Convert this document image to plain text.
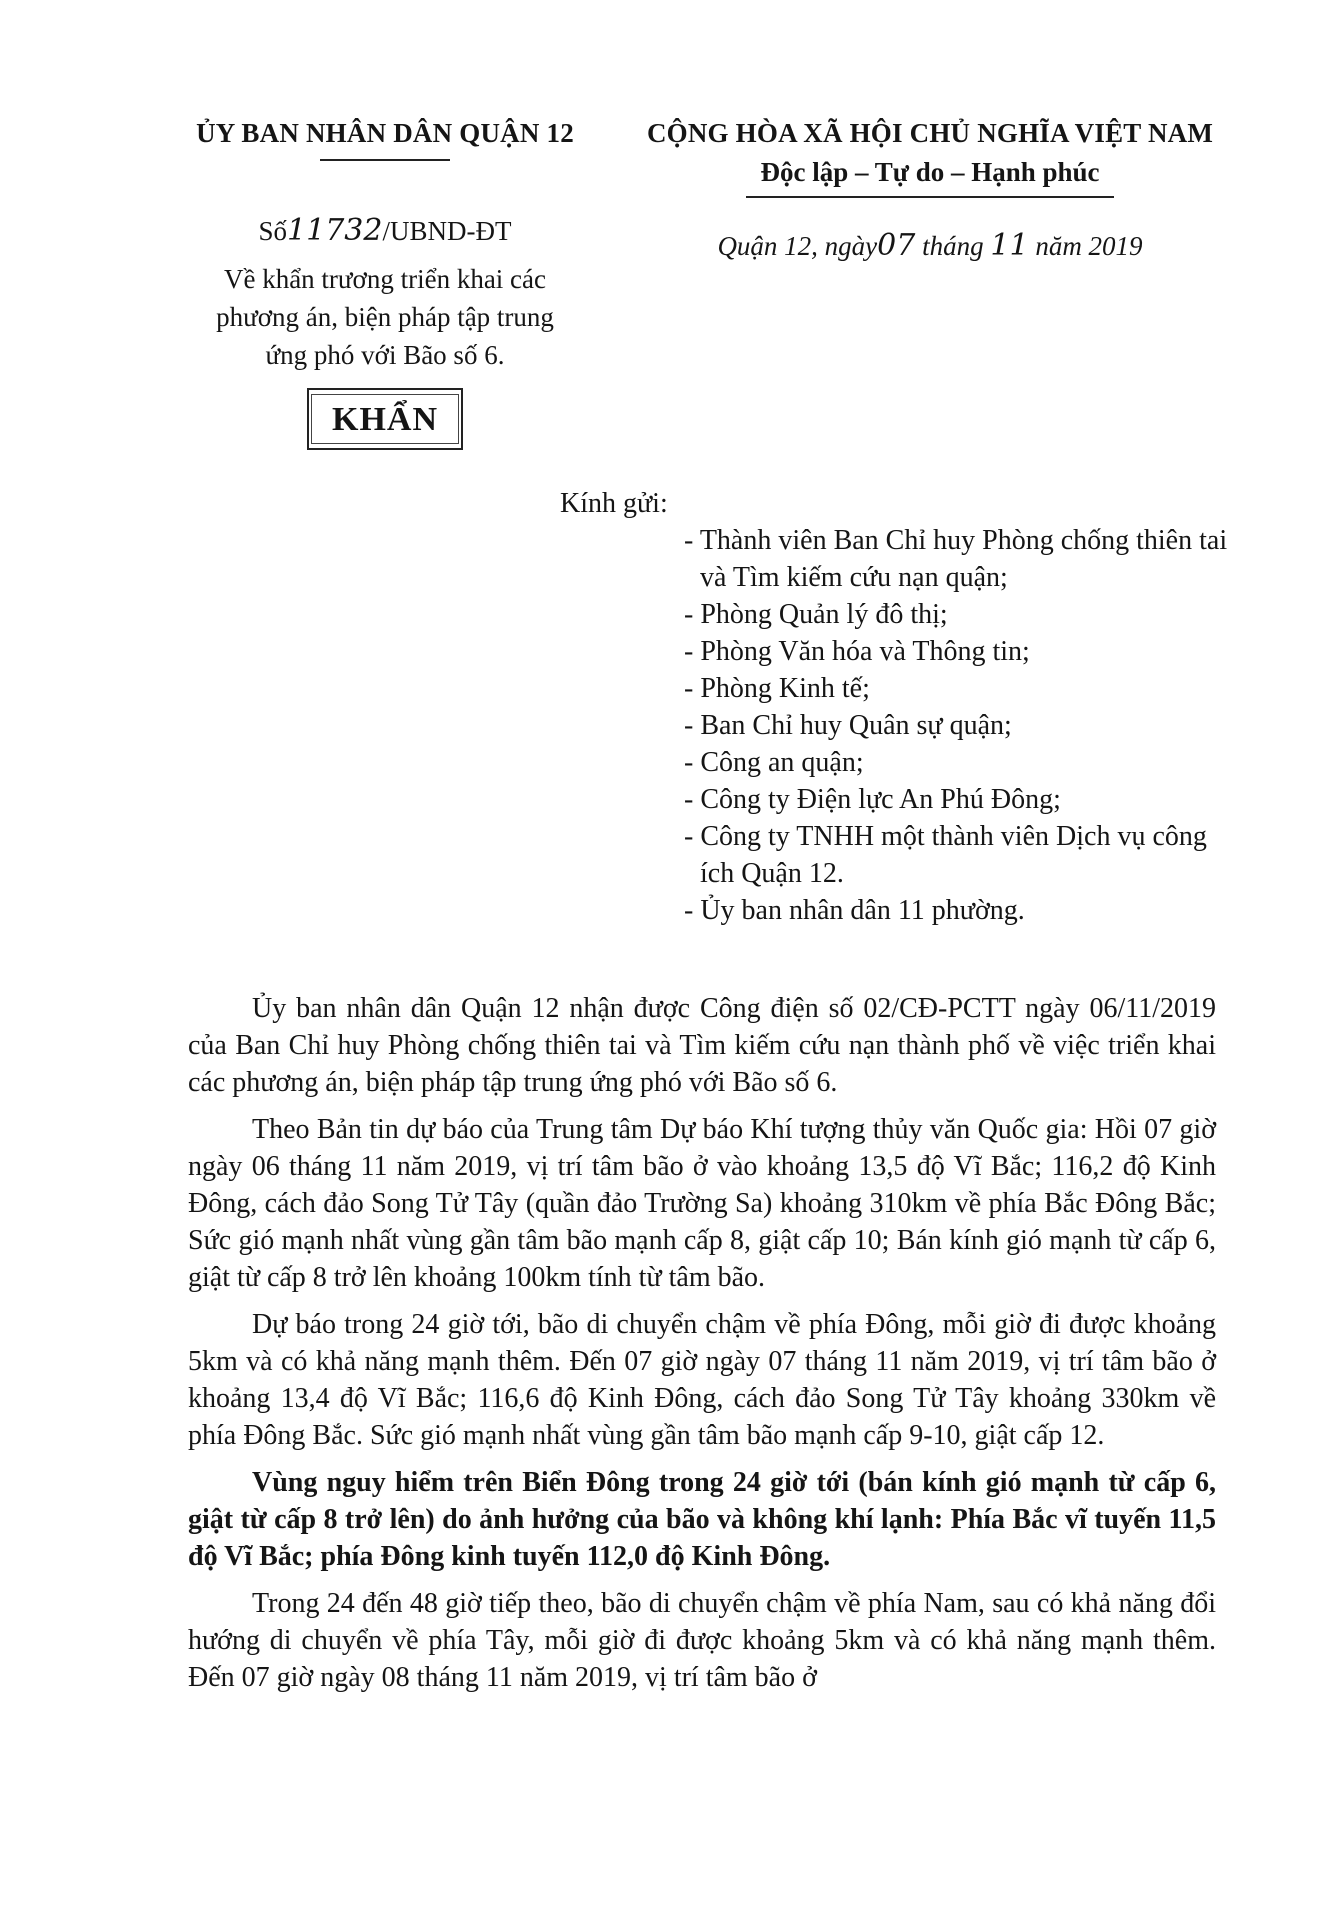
ỦY BAN NHÂN DÂN QUẬN 12
Số11732/UBND-ĐT
Về khẩn trương triển khai các
phương án, biện pháp tập trung
ứng phó với Bão số 6.
KHẨN
CỘNG HÒA XÃ HỘI CHỦ NGHĨA VIỆT NAM
Độc lập – Tự do – Hạnh phúc
Quận 12, ngày07 tháng 11 năm 2019
Kính gửi:
- Thành viên Ban Chỉ huy Phòng chống thiên tai và Tìm kiếm cứu nạn quận;
- Phòng Quản lý đô thị;
- Phòng Văn hóa và Thông tin;
- Phòng Kinh tế;
- Ban Chỉ huy Quân sự quận;
- Công an quận;
- Công ty Điện lực An Phú Đông;
- Công ty TNHH một thành viên Dịch vụ công ích Quận 12.
- Ủy ban nhân dân 11 phường.

Ủy ban nhân dân Quận 12 nhận được Công điện số 02/CĐ-PCTT ngày 06/11/2019 của Ban Chỉ huy Phòng chống thiên tai và Tìm kiếm cứu nạn thành phố về việc triển khai các phương án, biện pháp tập trung ứng phó với Bão số 6.

Theo Bản tin dự báo của Trung tâm Dự báo Khí tượng thủy văn Quốc gia: Hồi 07 giờ ngày 06 tháng 11 năm 2019, vị trí tâm bão ở vào khoảng 13,5 độ Vĩ Bắc; 116,2 độ Kinh Đông, cách đảo Song Tử Tây (quần đảo Trường Sa) khoảng 310km về phía Bắc Đông Bắc; Sức gió mạnh nhất vùng gần tâm bão mạnh cấp 8, giật cấp 10; Bán kính gió mạnh từ cấp 6, giật từ cấp 8 trở lên khoảng 100km tính từ tâm bão.

Dự báo trong 24 giờ tới, bão di chuyển chậm về phía Đông, mỗi giờ đi được khoảng 5km và có khả năng mạnh thêm. Đến 07 giờ ngày 07 tháng 11 năm 2019, vị trí tâm bão ở khoảng 13,4 độ Vĩ Bắc; 116,6 độ Kinh Đông, cách đảo Song Tử Tây khoảng 330km về phía Đông Bắc. Sức gió mạnh nhất vùng gần tâm bão mạnh cấp 9-10, giật cấp 12.

Vùng nguy hiểm trên Biển Đông trong 24 giờ tới (bán kính gió mạnh từ cấp 6, giật từ cấp 8 trở lên) do ảnh hưởng của bão và không khí lạnh: Phía Bắc vĩ tuyến 11,5 độ Vĩ Bắc; phía Đông kinh tuyến 112,0 độ Kinh Đông.

Trong 24 đến 48 giờ tiếp theo, bão di chuyển chậm về phía Nam, sau có khả năng đổi hướng di chuyển về phía Tây, mỗi giờ đi được khoảng 5km và có khả năng mạnh thêm. Đến 07 giờ ngày 08 tháng 11 năm 2019, vị trí tâm bão ở
